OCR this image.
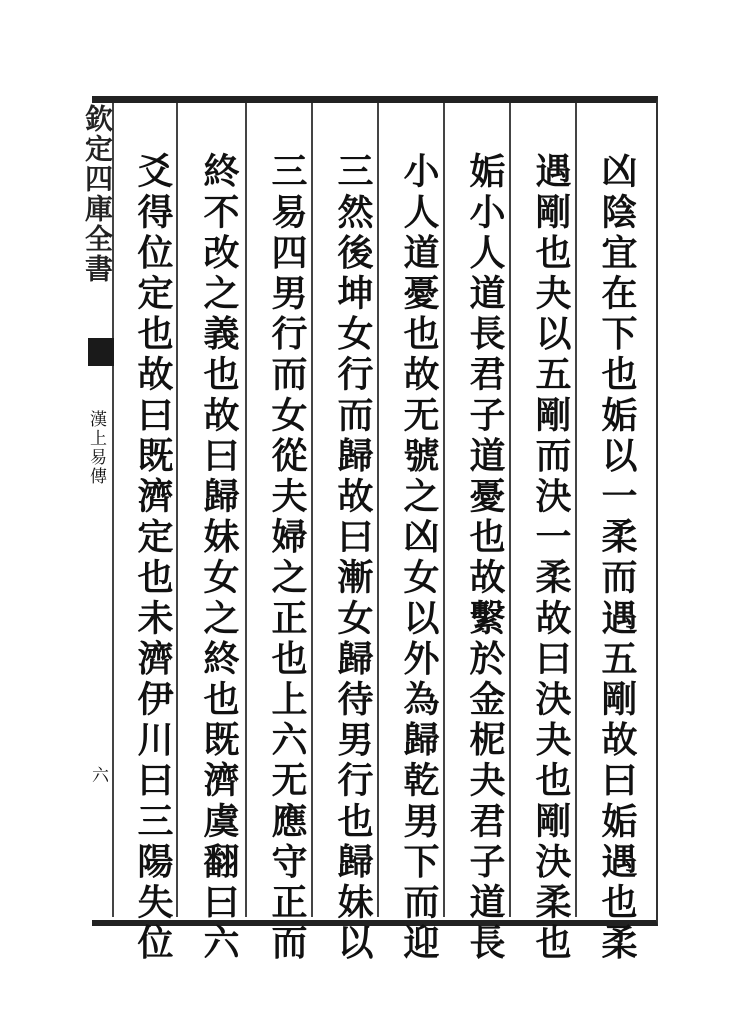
欽定四庫全書
漢上易傳
六	凶陰宜在下也姤以一柔而遇五剛故曰姤遇也柔
遇剛也夬以五剛而決一柔故曰決夬也剛決柔也
姤小人道長君子道憂也故繫於金柅夬君子道長
小人道憂也故无號之凶女以外為歸乾男下而迎
三然後坤女行而歸故曰漸女歸待男行也歸妹以
三易四男行而女從夫婦之正也上六无應守正而
終不改之義也故曰歸妹女之終也既濟虞翻曰六
爻得位定也故曰既濟定也未濟伊川曰三陽失位
